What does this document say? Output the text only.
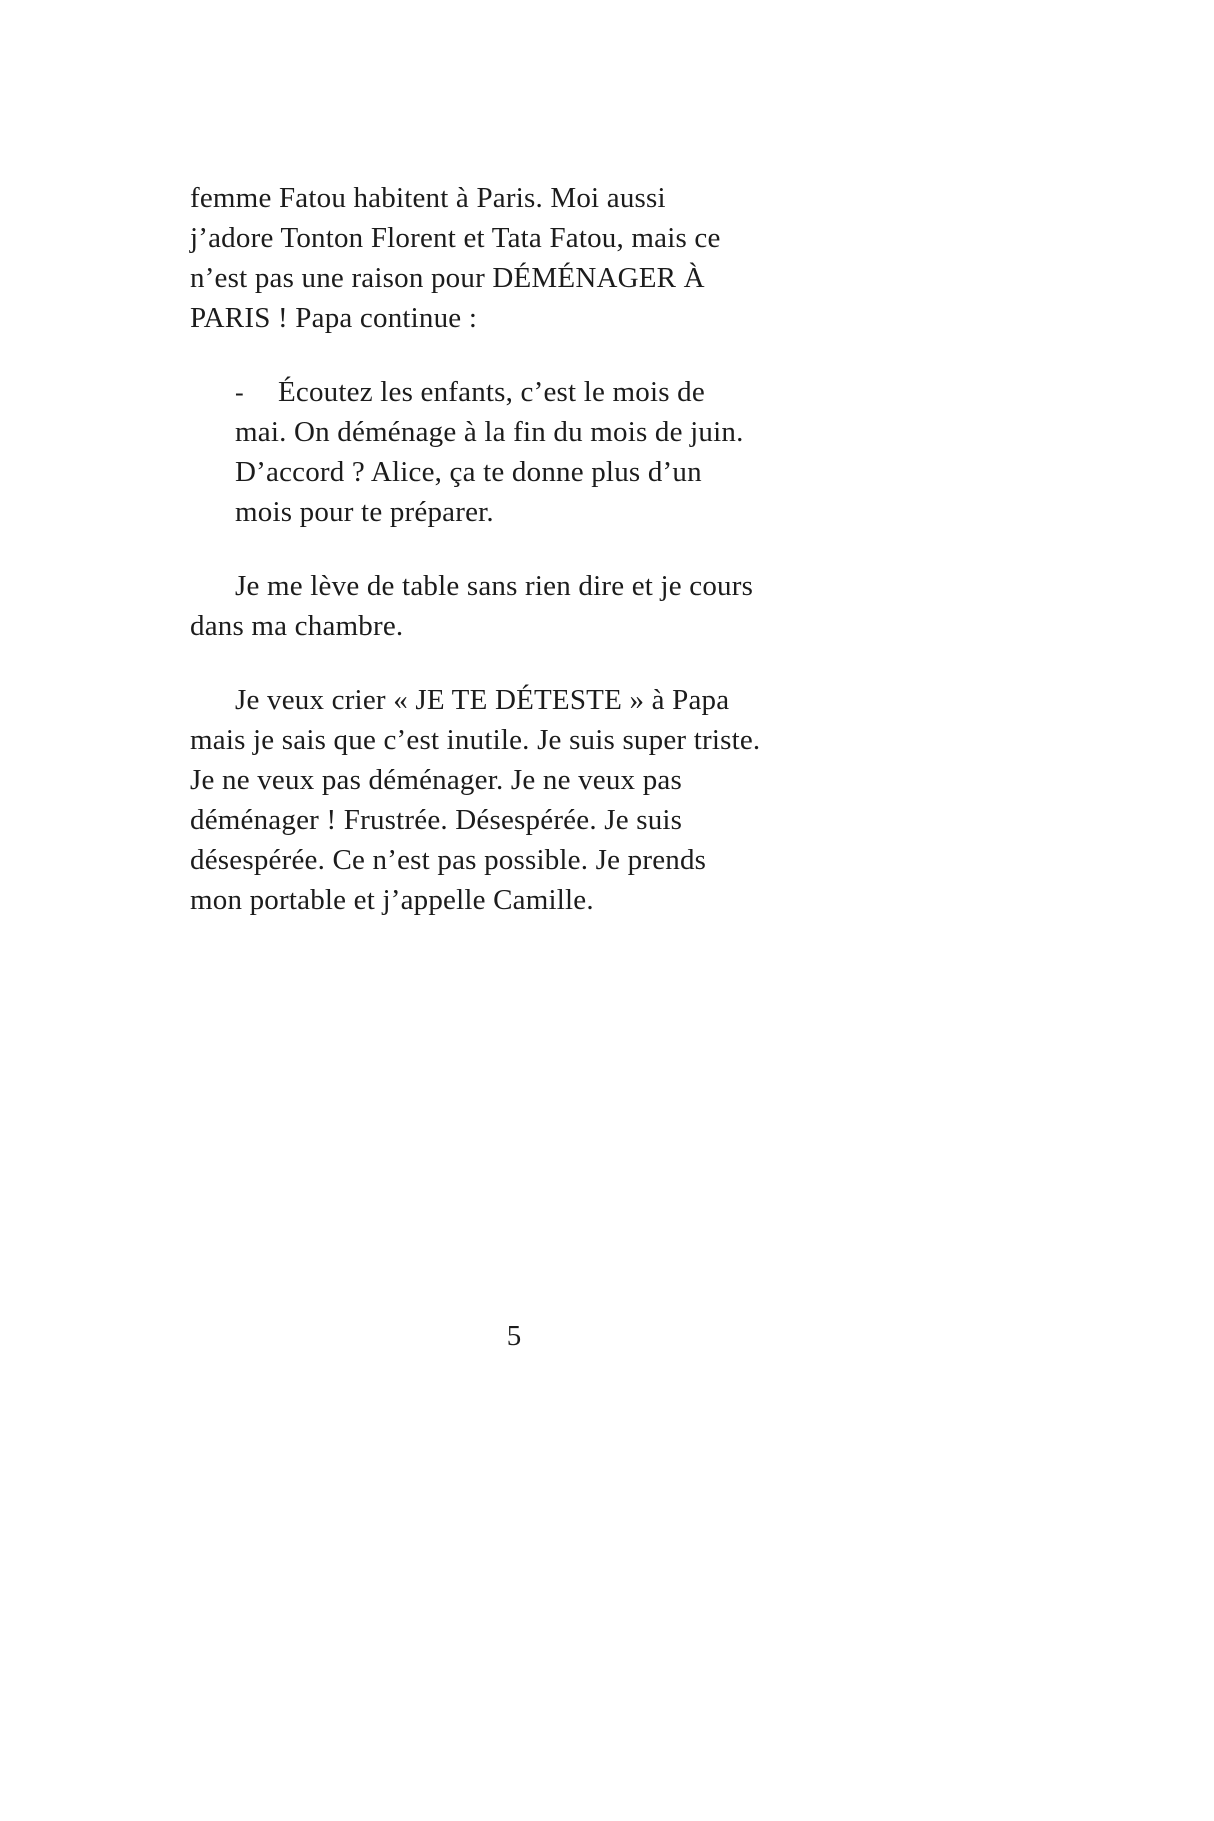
femme Fatou habitent à Paris. Moi aussi
j’adore Tonton Florent et Tata Fatou, mais ce
n’est pas une raison pour DÉMÉNAGER À
PARIS ! Papa continue :
- Écoutez les enfants, c’est le mois de
mai. On déménage à la fin du mois de juin.
D’accord ? Alice, ça te donne plus d’un
mois pour te préparer.
Je me lève de table sans rien dire et je cours
dans ma chambre.
Je veux crier « JE TE DÉTESTE » à Papa
mais je sais que c’est inutile. Je suis super triste.
Je ne veux pas déménager. Je ne veux pas
déménager ! Frustrée. Désespérée. Je suis
désespérée. Ce n’est pas possible. Je prends
mon portable et j’appelle Camille.
5
